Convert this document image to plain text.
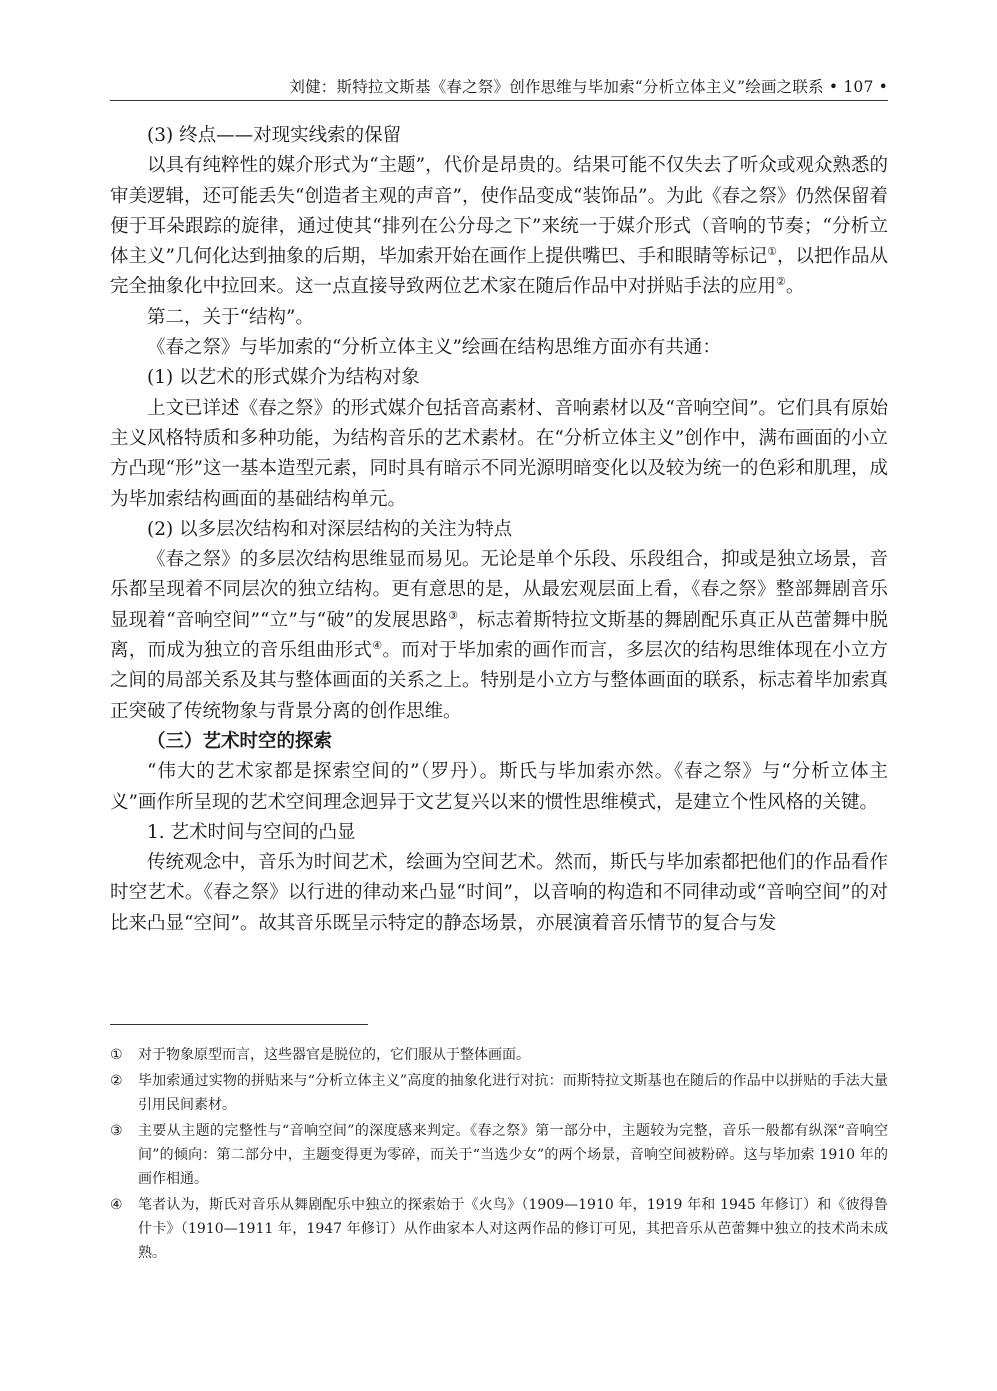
刘健：斯特拉文斯基《春之祭》创作思维与毕加索“分析立体主义”绘画之联系 • 107 •

(3) 终点——对现实线索的保留

以具有纯粹性的媒介形式为“主题”，代价是昂贵的。结果可能不仅失去了听众或观众熟悉的审美逻辑，还可能丢失“创造者主观的声音”，使作品变成“装饰品”。为此《春之祭》仍然保留着便于耳朵跟踪的旋律，通过使其“排列在公分母之下”来统一于媒介形式（音响的节奏；“分析立体主义”几何化达到抽象的后期，毕加索开始在画作上提供嘴巴、手和眼睛等标记①，以把作品从完全抽象化中拉回来。这一点直接导致两位艺术家在随后作品中对拼贴手法的应用②。

第二，关于“结构”。

《春之祭》与毕加索的“分析立体主义”绘画在结构思维方面亦有共通：

(1) 以艺术的形式媒介为结构对象

上文已详述《春之祭》的形式媒介包括音高素材、音响素材以及“音响空间”。它们具有原始主义风格特质和多种功能，为结构音乐的艺术素材。在“分析立体主义”创作中，满布画面的小立方凸现“形”这一基本造型元素，同时具有暗示不同光源明暗变化以及较为统一的色彩和肌理，成为毕加索结构画面的基础结构单元。

(2) 以多层次结构和对深层结构的关注为特点

《春之祭》的多层次结构思维显而易见。无论是单个乐段、乐段组合，抑或是独立场景，音乐都呈现着不同层次的独立结构。更有意思的是，从最宏观层面上看，《春之祭》整部舞剧音乐显现着“音响空间”“立”与“破”的发展思路③，标志着斯特拉文斯基的舞剧配乐真正从芭蕾舞中脱离，而成为独立的音乐组曲形式④。而对于毕加索的画作而言，多层次的结构思维体现在小立方之间的局部关系及其与整体画面的关系之上。特别是小立方与整体画面的联系，标志着毕加索真正突破了传统物象与背景分离的创作思维。

（三）艺术时空的探索

“伟大的艺术家都是探索空间的”（罗丹）。斯氏与毕加索亦然。《春之祭》与“分析立体主义”画作所呈现的艺术空间理念迥异于文艺复兴以来的惯性思维模式，是建立个性风格的关键。

1. 艺术时间与空间的凸显

传统观念中，音乐为时间艺术，绘画为空间艺术。然而，斯氏与毕加索都把他们的作品看作时空艺术。《春之祭》以行进的律动来凸显“时间”，以音响的构造和不同律动或“音响空间”的对比来凸显“空间”。故其音乐既呈示特定的静态场景，亦展演着音乐情节的复合与发

①	对于物象原型而言，这些器官是脱位的，它们服从于整体画面。
②	毕加索通过实物的拼贴来与“分析立体主义”高度的抽象化进行对抗：而斯特拉文斯基也在随后的作品中以拼贴的手法大量引用民间素材。
③	主要从主题的完整性与“音响空间”的深度感来判定。《春之祭》第一部分中，主题较为完整，音乐一般都有纵深“音响空间”的倾向：第二部分中，主题变得更为零碎，而关于“当选少女”的两个场景，音响空间被粉碎。这与毕加索 1910 年的画作相通。
④	笔者认为，斯氏对音乐从舞剧配乐中独立的探索始于《火鸟》（1909—1910 年，1919 年和 1945 年修订）和《彼得鲁什卡》（1910—1911 年，1947 年修订）从作曲家本人对这两作品的修订可见，其把音乐从芭蕾舞中独立的技术尚未成熟。
